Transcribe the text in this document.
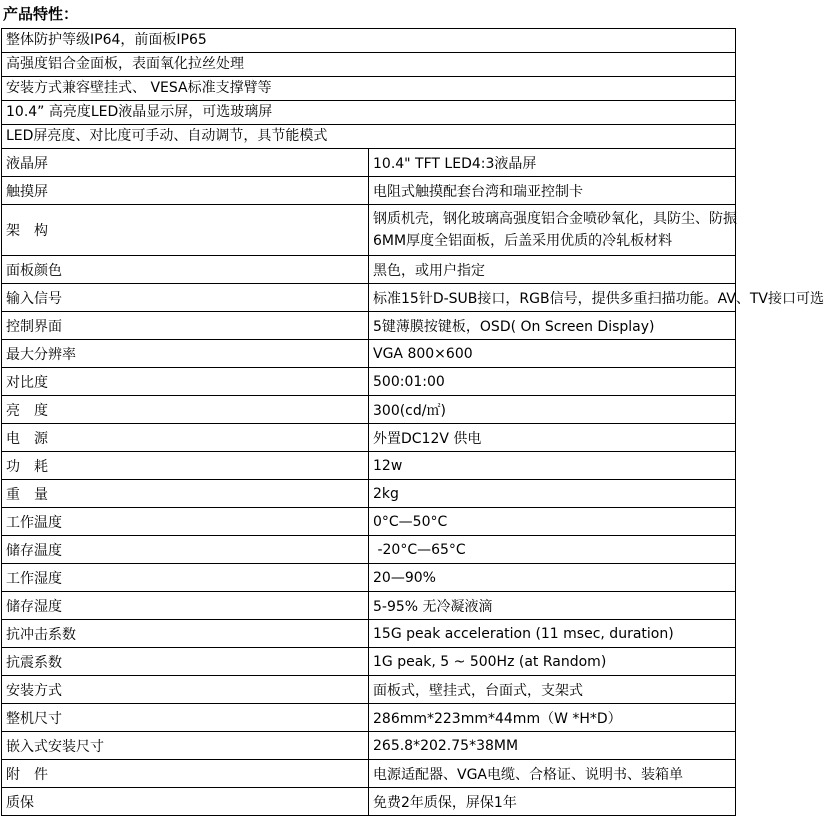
产品特性：
整体防护等级IP64，前面板IP65	
高强度铝合金面板，表面氧化拉丝处理	
安装方式兼容壁挂式、 VESA标准支撑臂等	
10.4” 高亮度LED液晶显示屏，可选玻璃屏	
LED屏亮度、对比度可手动、自动调节，具节能模式	
液晶屏	10.4" TFT LED4:3液晶屏
触摸屏	电阻式触摸配套台湾和瑞亚控制卡
架　构	钢质机壳，钢化玻璃高强度铝合金喷砂氧化，具防尘、防振
6MM厚度全铝面板，后盖采用优质的冷轧板材料

面板颜色	黑色，或用户指定
输入信号	标准15针D-SUB接口，RGB信号，提供多重扫描功能。AV、TV接口可选
控制界面	5键薄膜按键板，OSD( On Screen Display)
最大分辨率	VGA 800×600
对比度	500:01:00
亮　度	300(cd/㎡)
电　源	外置DC12V 供电
功　耗	12w
重　量	2kg
工作温度	0°C—50°C
储存温度	-20°C—65°C
工作湿度	20—90%
储存湿度	5-95% 无冷凝液滴
抗冲击系数	15G peak acceleration (11 msec, duration)
抗震系数	1G peak, 5 ~ 500Hz (at Random)
安装方式	面板式，壁挂式，台面式，支架式
整机尺寸	286mm*223mm*44mm（W *H*D）
嵌入式安装尺寸	265.8*202.75*38MM
附　件	电源适配器、VGA电缆、合格证、说明书、装箱单
质保	免费2年质保，屏保1年
